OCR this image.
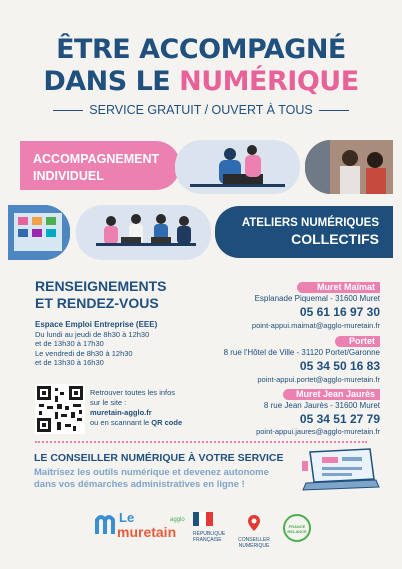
ÊTRE ACCOMPAGNÉ
DANS LE NUMÉRIQUE
SERVICE GRATUIT / OUVERT À TOUS
ACCOMPAGNEMENT
INDIVIDUEL
ATELIERS NUMÉRIQUES
COLLECTIFS
RENSEIGNEMENTS
ET RENDEZ-VOUS
Espace Emploi Entreprise (EEE)
Du lundi au jeudi de 8h30 à 12h30
et de 13h30 à 17h30
Le vendredi de 8h30 à 12h30
et de 13h30 à 16h30
Muret Maïmat
Esplanade Piquemal - 31600 Muret
05 61 16 97 30
point-appui.maimat@agglo-muretain.fr
Portet
8 rue l'Hôtel de Ville - 31120 Portet/Garonne
05 34 50 16 83
point-appui.portet@agglo-muretain.fr
Muret Jean Jaurès
8 rue Jean Jaurès - 31600 Muret
05 34 51 27 79
point-appui.jaures@agglo-muretain.fr
Retrouver toutes les infos
sur le site :
muretain-agglo.fr
ou en scannant le QR code
LE CONSEILLER NUMÉRIQUE À VOTRE SERVICE
Maîtrisez les outils numérique et devenez autonome
dans vos démarches administratives en ligne !
Le
muretain
agglo
RÉPUBLIQUE
FRANÇAISE	CONSEILLER
NUMÉRIQUE
FRANCE RELANCE
